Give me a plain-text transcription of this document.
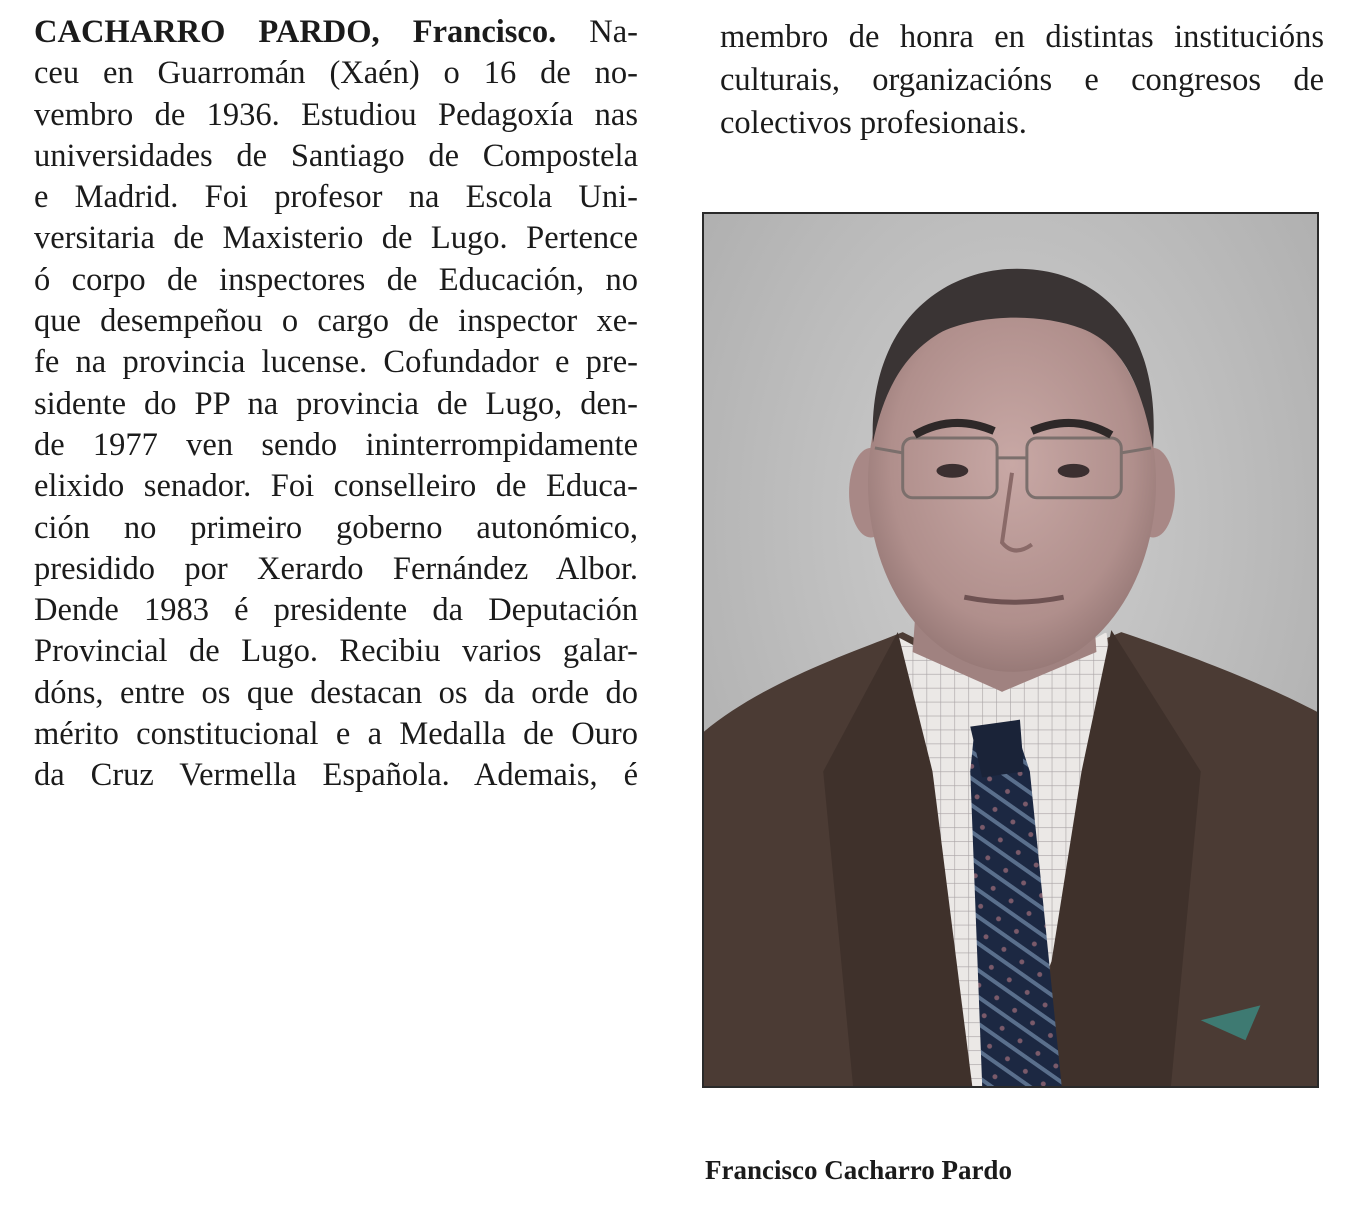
CACHARRO PARDO, Francisco. Na-
ceu en Guarromán (Xaén) o 16 de no-
vembro de 1936. Estudiou Pedagoxía nas
universidades de Santiago de Compostela
e Madrid. Foi profesor na Escola Uni-
versitaria de Maxisterio de Lugo. Pertence
ó corpo de inspectores de Educación, no
que desempeñou o cargo de inspector xe-
fe na provincia lucense. Cofundador e pre-
sidente do PP na provincia de Lugo, den-
de 1977 ven sendo ininterrompidamente
elixido senador. Foi conselleiro de Educa-
ción no primeiro goberno autonómico,
presidido por Xerardo Fernández Albor.
Dende 1983 é presidente da Deputación
Provincial de Lugo. Recibiu varios galar-
dóns, entre os que destacan os da orde do
mérito constitucional e a Medalla de Ouro
da Cruz Vermella Española. Ademais, é
membro de honra en distintas institucións
culturais, organizacións e congresos de
colectivos profesionais.
Francisco Cacharro Pardo
